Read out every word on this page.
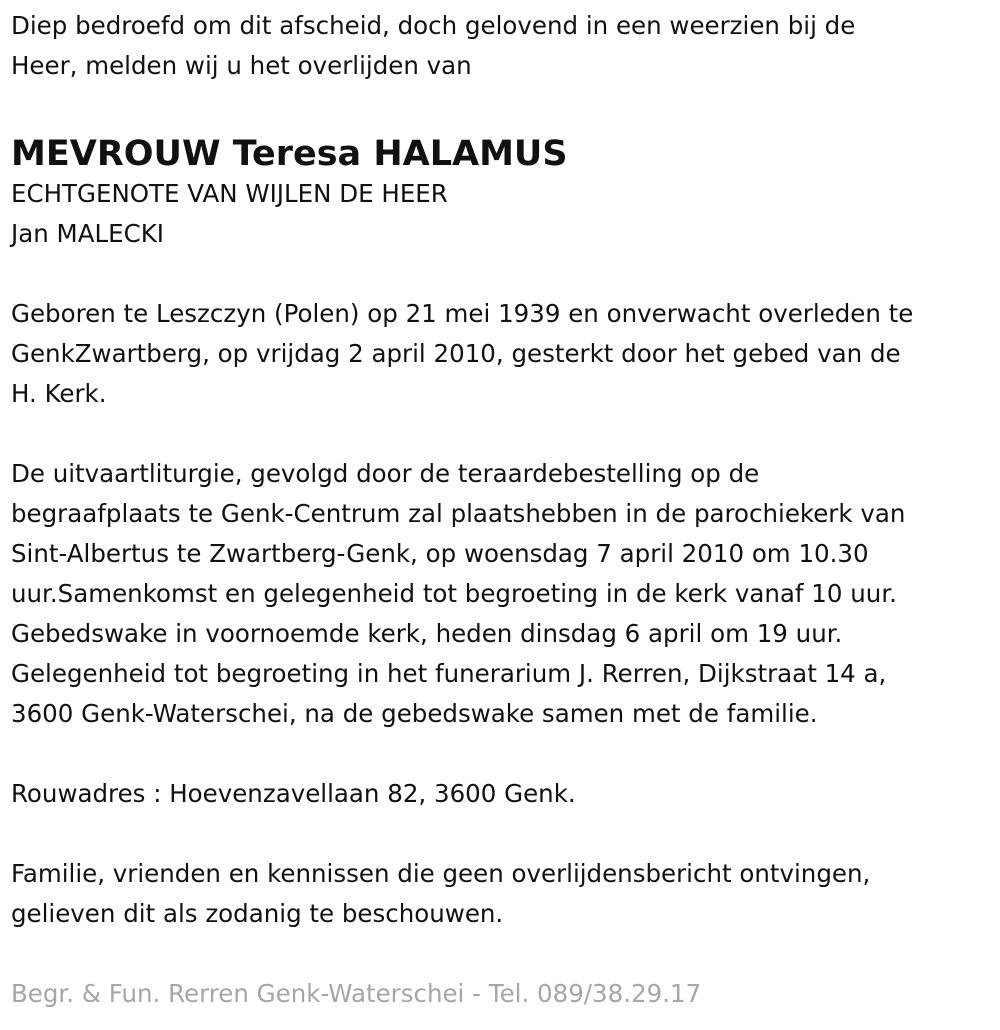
Diep bedroefd om dit afscheid, doch gelovend in een weerzien bij de
Heer, melden wij u het overlijden van

MEVROUW Teresa HALAMUS

ECHTGENOTE VAN WIJLEN DE HEER
Jan MALECKI

Geboren te Leszczyn (Polen) op 21 mei 1939 en onverwacht overleden te
GenkZwartberg, op vrijdag 2 april 2010, gesterkt door het gebed van de
H. Kerk.

De uitvaartliturgie, gevolgd door de teraardebestelling op de
begraafplaats te Genk-Centrum zal plaatshebben in de parochiekerk van
Sint-Albertus te Zwartberg-Genk, op woensdag 7 april 2010 om 10.30
uur.Samenkomst en gelegenheid tot begroeting in de kerk vanaf 10 uur.
Gebedswake in voornoemde kerk, heden dinsdag 6 april om 19 uur.
Gelegenheid tot begroeting in het funerarium J. Rerren, Dijkstraat 14 a,
3600 Genk-Waterschei, na de gebedswake samen met de familie.

Rouwadres : Hoevenzavellaan 82, 3600 Genk.

Familie, vrienden en kennissen die geen overlijdensbericht ontvingen,
gelieven dit als zodanig te beschouwen.

Begr. & Fun. Rerren Genk-Waterschei - Tel. 089/38.29.17
